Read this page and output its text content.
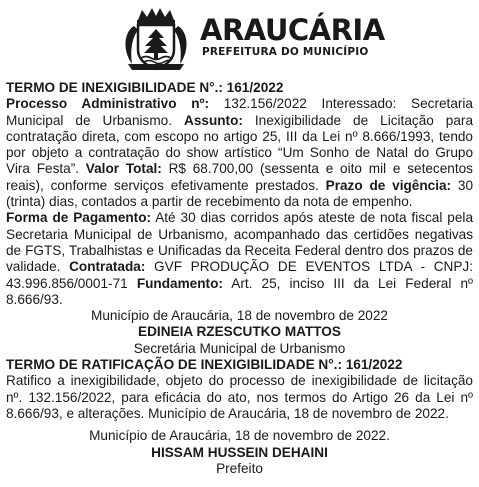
ARAUCÁRIA
PREFEITURA DO MUNICÍPIO

TERMO DE INEXIGIBILIDADE N°.: 161/2022

Processo Administrativo nº: 132.156/2022 Interessado: Secretaria Municipal de Urbanismo. Assunto: Inexigibilidade de Licitação para contratação direta, com escopo no artigo 25, III da Lei nº 8.666/1993, tendo por objeto a contratação do show artístico “Um Sonho de Natal do Grupo Vira Festa”. Valor Total: R$ 68.700,00 (sessenta e oito mil e setecentos reais), conforme serviços efetivamente prestados. Prazo de vigência: 30 (trinta) dias, contados a partir de recebimento da nota de empenho.

Forma de Pagamento: Até 30 dias corridos após ateste de nota fiscal pela Secretaria Municipal de Urbanismo, acompanhado das certidões negativas de FGTS, Trabalhistas e Unificadas da Receita Federal dentro dos prazos de validade. Contratada: GVF PRODUÇÃO DE EVENTOS LTDA - CNPJ: 43.996.856/0001-71 Fundamento: Art. 25, inciso III da Lei Federal nº 8.666/93.

Município de Araucária, 18 de novembro de 2022

EDINEIA RZESCUTKO MATTOS

Secretária Municipal de Urbanismo

TERMO DE RATIFICAÇÃO DE INEXIGIBILIDADE N°.: 161/2022

Ratifico a inexigibilidade, objeto do processo de inexigibilidade de licitação nº. 132.156/2022, para eficácia do ato, nos termos do Artigo 26 da Lei nº 8.666/93, e alterações. Município de Araucária, 18 de novembro de 2022.

Município de Araucária, 18 de novembro de 2022.

HISSAM HUSSEIN DEHAINI

Prefeito
